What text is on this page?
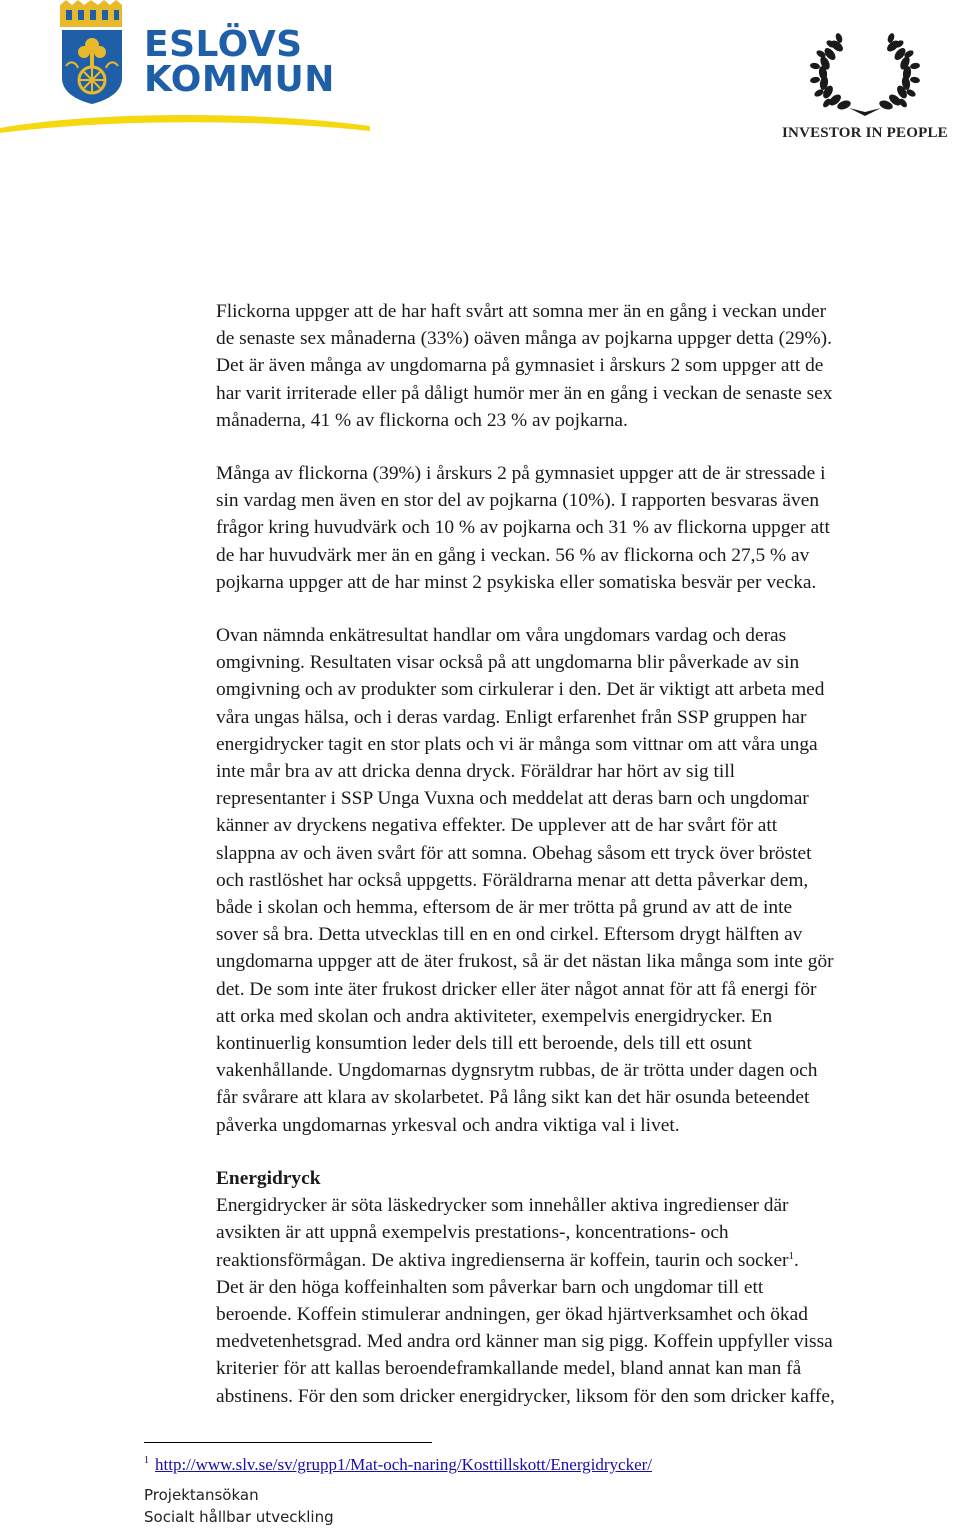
ESLÖVS
KOMMUN
INVESTOR IN PEOPLE

Flickorna uppger att de har haft svårt att somna mer än en gång i veckan under
de senaste sex månaderna (33%) oäven många av pojkarna uppger detta (29%).
Det är även många av ungdomarna på gymnasiet i årskurs 2 som uppger att de
har varit irriterade eller på dåligt humör mer än en gång i veckan de senaste sex
månaderna, 41 % av flickorna och 23 % av pojkarna.

Många av flickorna (39%) i årskurs 2 på gymnasiet uppger att de är stressade i
sin vardag men även en stor del av pojkarna (10%). I rapporten besvaras även
frågor kring huvudvärk och 10 % av pojkarna och 31 % av flickorna uppger att
de har huvudvärk mer än en gång i veckan. 56 % av flickorna och 27,5 % av
pojkarna uppger att de har minst 2 psykiska eller somatiska besvär per vecka.

Ovan nämnda enkätresultat handlar om våra ungdomars vardag och deras
omgivning. Resultaten visar också på att ungdomarna blir påverkade av sin
omgivning och av produkter som cirkulerar i den. Det är viktigt att arbeta med
våra ungas hälsa, och i deras vardag. Enligt erfarenhet från SSP gruppen har
energidrycker tagit en stor plats och vi är många som vittnar om att våra unga
inte mår bra av att dricka denna dryck. Föräldrar har hört av sig till
representanter i SSP Unga Vuxna och meddelat att deras barn och ungdomar
känner av dryckens negativa effekter. De upplever att de har svårt för att
slappna av och även svårt för att somna. Obehag såsom ett tryck över bröstet
och rastlöshet har också uppgetts. Föräldrarna menar att detta påverkar dem,
både i skolan och hemma, eftersom de är mer trötta på grund av att de inte
sover så bra. Detta utvecklas till en en ond cirkel. Eftersom drygt hälften av
ungdomarna uppger att de äter frukost, så är det nästan lika många som inte gör
det. De som inte äter frukost dricker eller äter något annat för att få energi för
att orka med skolan och andra aktiviteter, exempelvis energidrycker. En
kontinuerlig konsumtion leder dels till ett beroende, dels till ett osunt
vakenhållande. Ungdomarnas dygnsrytm rubbas, de är trötta under dagen och
får svårare att klara av skolarbetet. På lång sikt kan det här osunda beteendet
påverka ungdomarnas yrkesval och andra viktiga val i livet.

Energidryck

Energidrycker är söta läskedrycker som innehåller aktiva ingredienser där
avsikten är att uppnå exempelvis prestations-, koncentrations- och
reaktionsförmågan. De aktiva ingredienserna är koffein, taurin och socker$^1$.
Det är den höga koffeinhalten som påverkar barn och ungdomar till ett
beroende. Koffein stimulerar andningen, ger ökad hjärtverksamhet och ökad
medvetenhetsgrad. Med andra ord känner man sig pigg. Koffein uppfyller vissa
kriterier för att kallas beroendeframkallande medel, bland annat kan man få
abstinens. För den som dricker energidrycker, liksom för den som dricker kaffe,

$^1$ http://www.slv.se/sv/grupp1/Mat-och-naring/Kosttillskott/Energidrycker/
Projektansökan
Socialt hållbar utveckling
